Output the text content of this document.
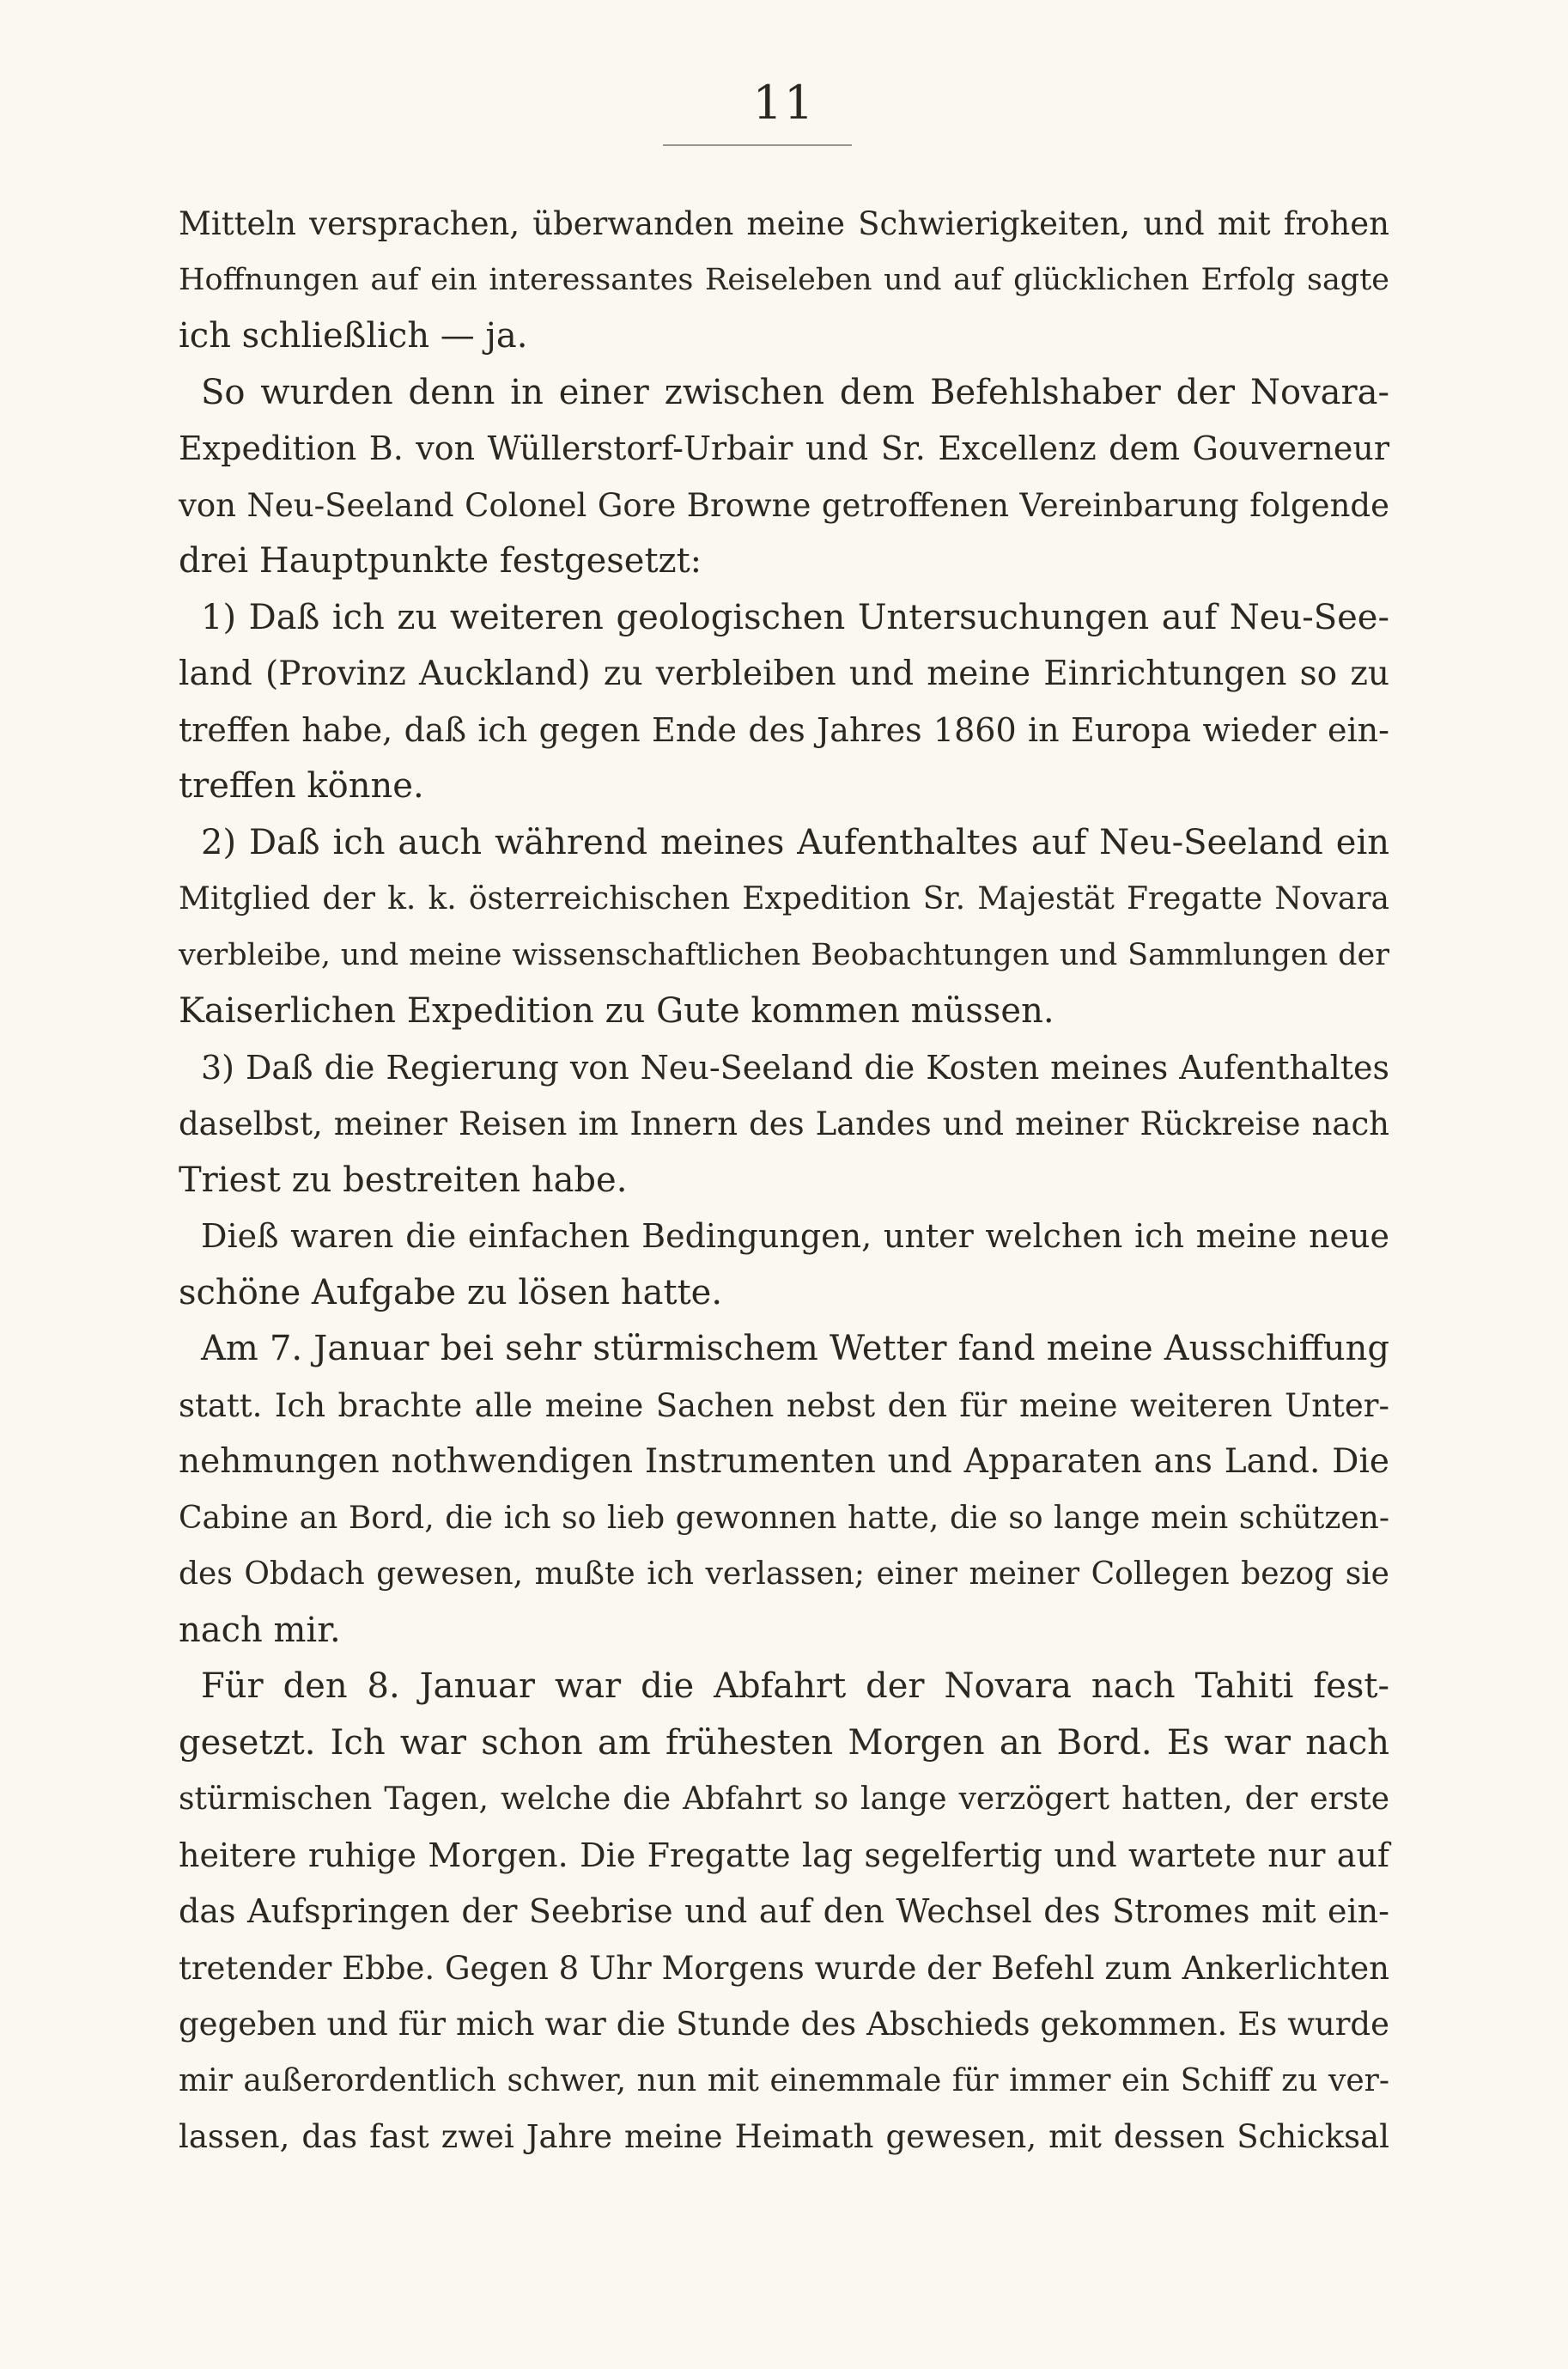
11
Mitteln versprachen, überwanden meine Schwierigkeiten, und mit frohen
Hoffnungen auf ein interessantes Reiseleben und auf glücklichen Erfolg sagte
ich schließlich — ja.
So wurden denn in einer zwischen dem Befehlshaber der Novara-
Expedition B. von Wüllerstorf-Urbair und Sr. Excellenz dem Gouverneur
von Neu-Seeland Colonel Gore Browne getroffenen Vereinbarung folgende
drei Hauptpunkte festgesetzt:
1) Daß ich zu weiteren geologischen Untersuchungen auf Neu-See-
land (Provinz Auckland) zu verbleiben und meine Einrichtungen so zu
treffen habe, daß ich gegen Ende des Jahres 1860 in Europa wieder ein-
treffen könne.
2) Daß ich auch während meines Aufenthaltes auf Neu-Seeland ein
Mitglied der k. k. österreichischen Expedition Sr. Majestät Fregatte Novara
verbleibe, und meine wissenschaftlichen Beobachtungen und Sammlungen der
Kaiserlichen Expedition zu Gute kommen müssen.
3) Daß die Regierung von Neu-Seeland die Kosten meines Aufenthaltes
daselbst, meiner Reisen im Innern des Landes und meiner Rückreise nach
Triest zu bestreiten habe.
Dieß waren die einfachen Bedingungen, unter welchen ich meine neue
schöne Aufgabe zu lösen hatte.
Am 7. Januar bei sehr stürmischem Wetter fand meine Ausschiffung
statt. Ich brachte alle meine Sachen nebst den für meine weiteren Unter-
nehmungen nothwendigen Instrumenten und Apparaten ans Land. Die
Cabine an Bord, die ich so lieb gewonnen hatte, die so lange mein schützen-
des Obdach gewesen, mußte ich verlassen; einer meiner Collegen bezog sie
nach mir.
Für den 8. Januar war die Abfahrt der Novara nach Tahiti fest-
gesetzt. Ich war schon am frühesten Morgen an Bord. Es war nach
stürmischen Tagen, welche die Abfahrt so lange verzögert hatten, der erste
heitere ruhige Morgen. Die Fregatte lag segelfertig und wartete nur auf
das Aufspringen der Seebrise und auf den Wechsel des Stromes mit ein-
tretender Ebbe. Gegen 8 Uhr Morgens wurde der Befehl zum Ankerlichten
gegeben und für mich war die Stunde des Abschieds gekommen. Es wurde
mir außerordentlich schwer, nun mit einemmale für immer ein Schiff zu ver-
lassen, das fast zwei Jahre meine Heimath gewesen, mit dessen Schicksal
